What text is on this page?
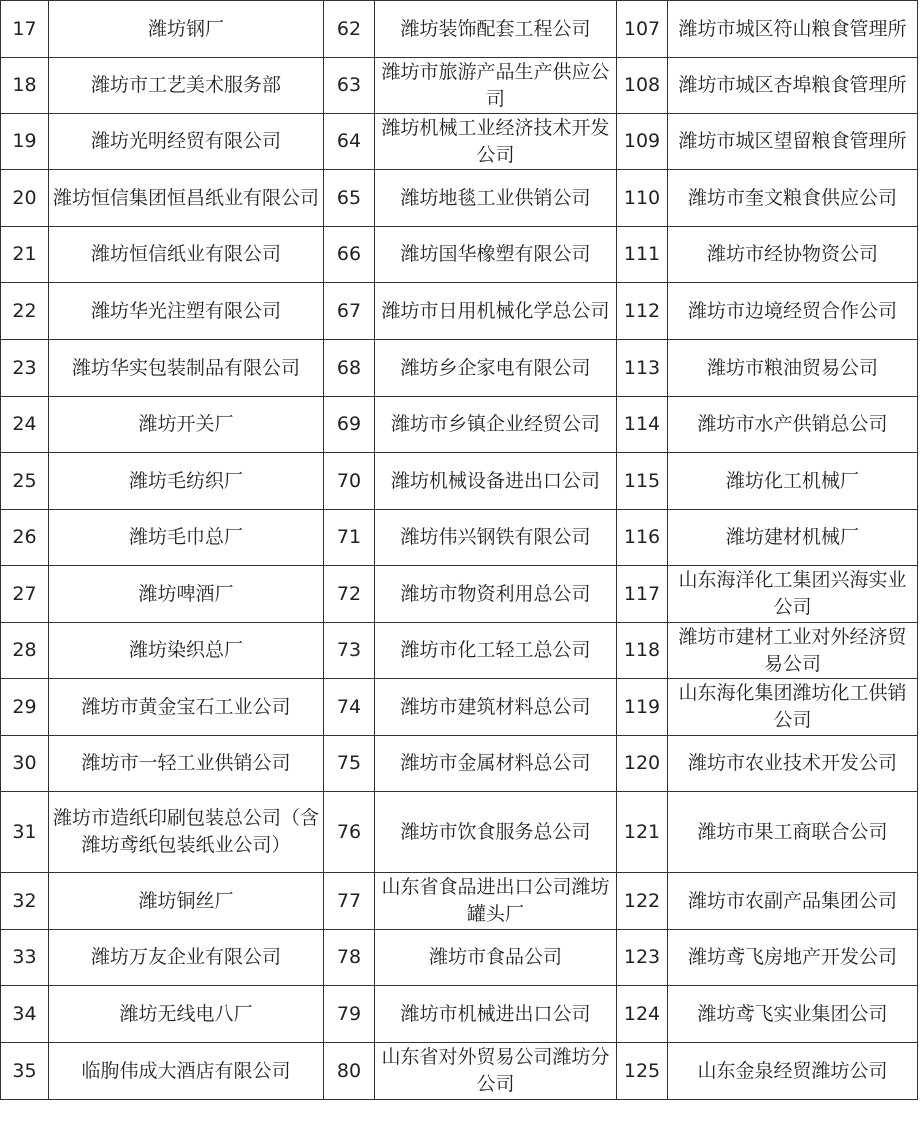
17	潍坊钢厂	62	潍坊装饰配套工程公司	107	潍坊市城区符山粮食管理所
18	潍坊市工艺美术服务部	63	潍坊市旅游产品生产供应公司	108	潍坊市城区杏埠粮食管理所
19	潍坊光明经贸有限公司	64	潍坊机械工业经济技术开发公司	109	潍坊市城区望留粮食管理所
20	潍坊恒信集团恒昌纸业有限公司	65	潍坊地毯工业供销公司	110	潍坊市奎文粮食供应公司
21	潍坊恒信纸业有限公司	66	潍坊国华橡塑有限公司	111	潍坊市经协物资公司
22	潍坊华光注塑有限公司	67	潍坊市日用机械化学总公司	112	潍坊市边境经贸合作公司
23	潍坊华实包装制品有限公司	68	潍坊乡企家电有限公司	113	潍坊市粮油贸易公司
24	潍坊开关厂	69	潍坊市乡镇企业经贸公司	114	潍坊市水产供销总公司
25	潍坊毛纺织厂	70	潍坊机械设备进出口公司	115	潍坊化工机械厂
26	潍坊毛巾总厂	71	潍坊伟兴钢铁有限公司	116	潍坊建材机械厂
27	潍坊啤酒厂	72	潍坊市物资利用总公司	117	山东海洋化工集团兴海实业公司
28	潍坊染织总厂	73	潍坊市化工轻工总公司	118	潍坊市建材工业对外经济贸易公司
29	潍坊市黄金宝石工业公司	74	潍坊市建筑材料总公司	119	山东海化集团潍坊化工供销公司
30	潍坊市一轻工业供销公司	75	潍坊市金属材料总公司	120	潍坊市农业技术开发公司
31	潍坊市造纸印刷包装总公司（含潍坊鸢纸包装纸业公司）	76	潍坊市饮食服务总公司	121	潍坊市果工商联合公司
32	潍坊铜丝厂	77	山东省食品进出口公司潍坊罐头厂	122	潍坊市农副产品集团公司
33	潍坊万友企业有限公司	78	潍坊市食品公司	123	潍坊鸢飞房地产开发公司
34	潍坊无线电八厂	79	潍坊市机械进出口公司	124	潍坊鸢飞实业集团公司
35	临朐伟成大酒店有限公司	80	山东省对外贸易公司潍坊分公司	125	山东金泉经贸潍坊公司
